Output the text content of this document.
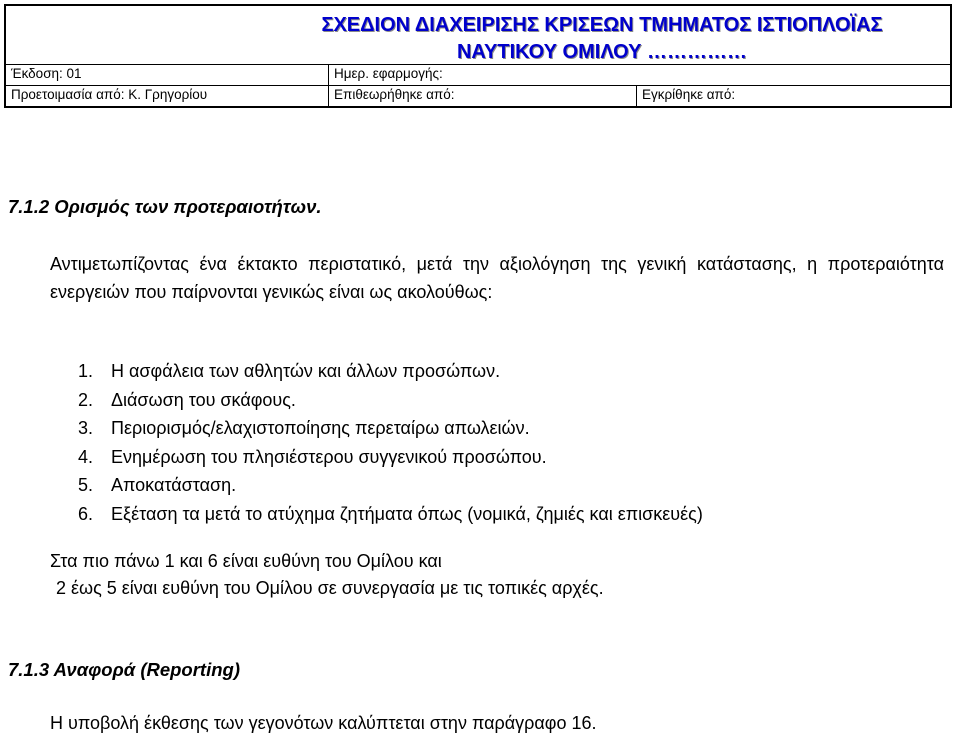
ΣΧΕΔΙΟΝ ΔΙΑΧΕΙΡΙΣΗΣ ΚΡΙΣΕΩΝ ΤΜΗΜΑΤΟΣ ΙΣΤΙΟΠΛΟΪΑΣ
ΝΑΥΤΙΚΟΥ ΟΜΙΛΟΥ ……………
Έκδοση: 01	Ημερ. εφαρμογής:
Προετοιμασία από: Κ. Γρηγορίου	Επιθεωρήθηκε από:	Εγκρίθηκε από:
7.1.2 Ορισμός των προτεραιοτήτων.
Αντιμετωπίζοντας ένα έκτακτο περιστατικό, μετά την αξιολόγηση της γενική κατάστασης, η προτεραιότητα ενεργειών που παίρνονται γενικώς είναι ως ακολούθως:
1. Η ασφάλεια των αθλητών και άλλων προσώπων.
2. Διάσωση του σκάφους.
3. Περιορισμός/ελαχιστοποίησης περεταίρω απωλειών.
4. Ενημέρωση του πλησιέστερου συγγενικού προσώπου.
5. Αποκατάσταση.
6. Εξέταση τα μετά το ατύχημα ζητήματα όπως (νομικά, ζημιές και επισκευές)
Στα πιο πάνω 1 και 6 είναι ευθύνη του Ομίλου και
2 έως 5 είναι ευθύνη του Ομίλου σε συνεργασία με τις τοπικές αρχές.
7.1.3 Αναφορά (Reporting)
Η υποβολή έκθεσης των γεγονότων καλύπτεται στην παράγραφο 16.
